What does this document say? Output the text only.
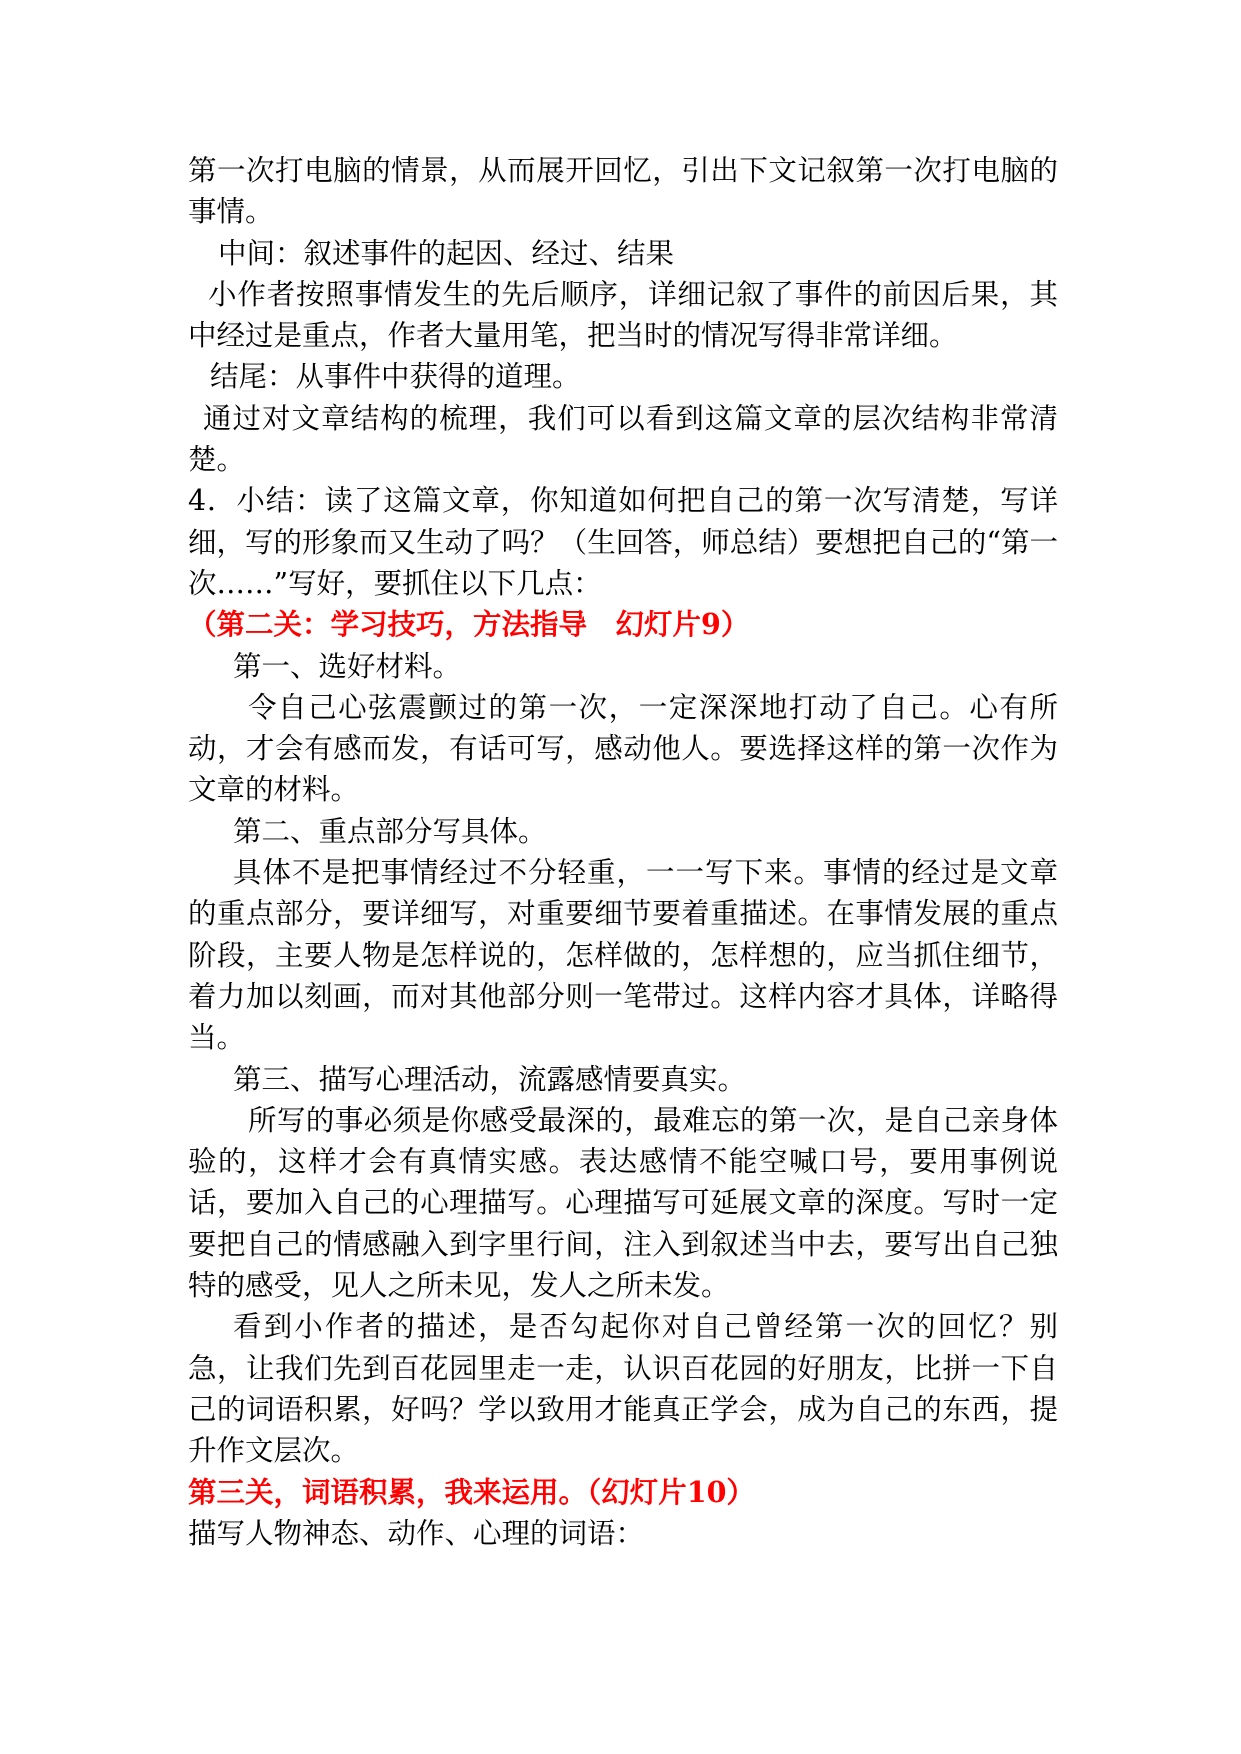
第一次打电脑的情景，从而展开回忆，引出下文记叙第一次打电脑的事情。

中间：叙述事件的起因、经过、结果

小作者按照事情发生的先后顺序，详细记叙了事件的前因后果，其中经过是重点，作者大量用笔，把当时的情况写得非常详细。

结尾：从事件中获得的道理。

通过对文章结构的梳理，我们可以看到这篇文章的层次结构非常清楚。

4．小结：读了这篇文章，你知道如何把自己的第一次写清楚，写详细，写的形象而又生动了吗？（生回答，师总结）要想把自己的“第一次……”写好，要抓住以下几点：

（第二关：学习技巧，方法指导　幻灯片9）

第一、选好材料。

令自己心弦震颤过的第一次，一定深深地打动了自己。心有所动，才会有感而发，有话可写，感动他人。要选择这样的第一次作为文章的材料。

第二、重点部分写具体。

具体不是把事情经过不分轻重，一一写下来。事情的经过是文章的重点部分，要详细写，对重要细节要着重描述。在事情发展的重点阶段，主要人物是怎样说的，怎样做的，怎样想的，应当抓住细节，着力加以刻画，而对其他部分则一笔带过。这样内容才具体，详略得当。

第三、描写心理活动，流露感情要真实。

所写的事必须是你感受最深的，最难忘的第一次，是自己亲身体验的，这样才会有真情实感。表达感情不能空喊口号，要用事例说话，要加入自己的心理描写。心理描写可延展文章的深度。写时一定要把自己的情感融入到字里行间，注入到叙述当中去，要写出自己独特的感受，见人之所未见，发人之所未发。

看到小作者的描述，是否勾起你对自己曾经第一次的回忆？别急，让我们先到百花园里走一走，认识百花园的好朋友，比拼一下自己的词语积累，好吗？学以致用才能真正学会，成为自己的东西，提升作文层次。

第三关，词语积累，我来运用。（幻灯片10）

描写人物神态、动作、心理的词语：
